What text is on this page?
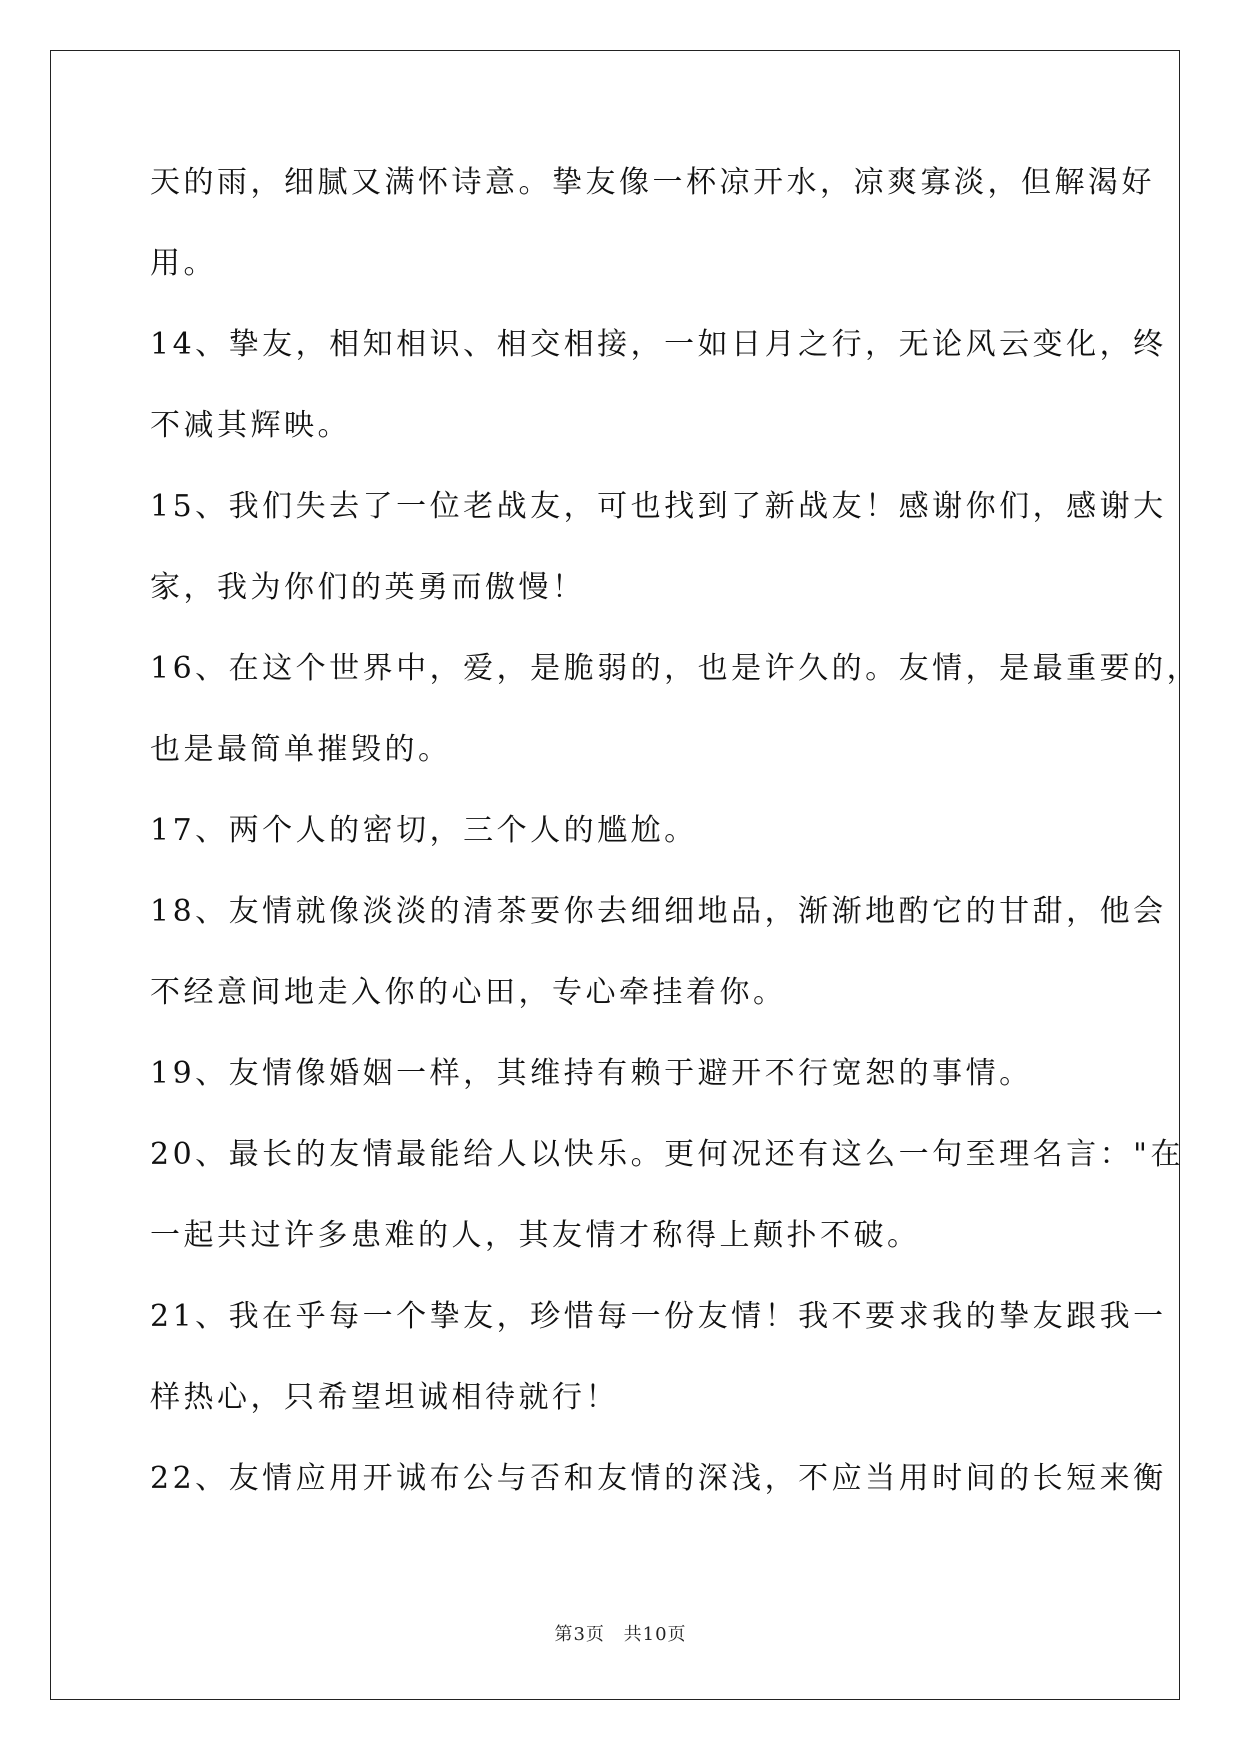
天的雨，细腻又满怀诗意。挚友像一杯凉开水，凉爽寡淡，但解渴好
用。
14、挚友，相知相识、相交相接，一如日月之行，无论风云变化，终
不减其辉映。
15、我们失去了一位老战友，可也找到了新战友！感谢你们，感谢大
家，我为你们的英勇而傲慢！
16、在这个世界中，爱，是脆弱的，也是许久的。友情，是最重要的，
也是最简单摧毁的。
17、两个人的密切，三个人的尴尬。
18、友情就像淡淡的清茶要你去细细地品，渐渐地酌它的甘甜，他会
不经意间地走入你的心田，专心牵挂着你。
19、友情像婚姻一样，其维持有赖于避开不行宽恕的事情。
20、最长的友情最能给人以快乐。更何况还有这么一句至理名言："在
一起共过许多患难的人，其友情才称得上颠扑不破。
21、我在乎每一个挚友，珍惜每一份友情！我不要求我的挚友跟我一
样热心，只希望坦诚相待就行！
22、友情应用开诚布公与否和友情的深浅，不应当用时间的长短来衡
第3页 共10页
